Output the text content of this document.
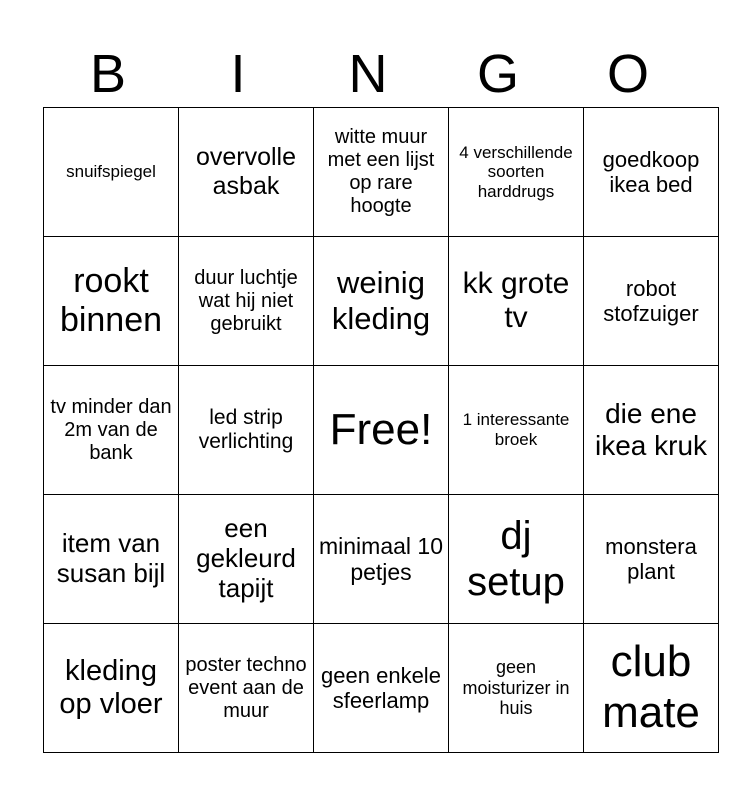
B	I	N	G	O
snuifspiegel	overvolle asbak	witte muur met een lijst op rare hoogte	4 verschillende soorten harddrugs	goedkoop ikea bed
rookt binnen	duur luchtje wat hij niet gebruikt	weinig kleding	kk grote tv	robot stofzuiger
tv minder dan 2m van de bank	led strip verlichting	Free!	1 interessante broek	die ene ikea kruk
item van susan bijl	een gekleurd tapijt	minimaal 10 petjes	dj setup	monstera plant
kleding op vloer	poster techno event aan de muur	geen enkele sfeerlamp	geen moisturizer in huis	club mate
